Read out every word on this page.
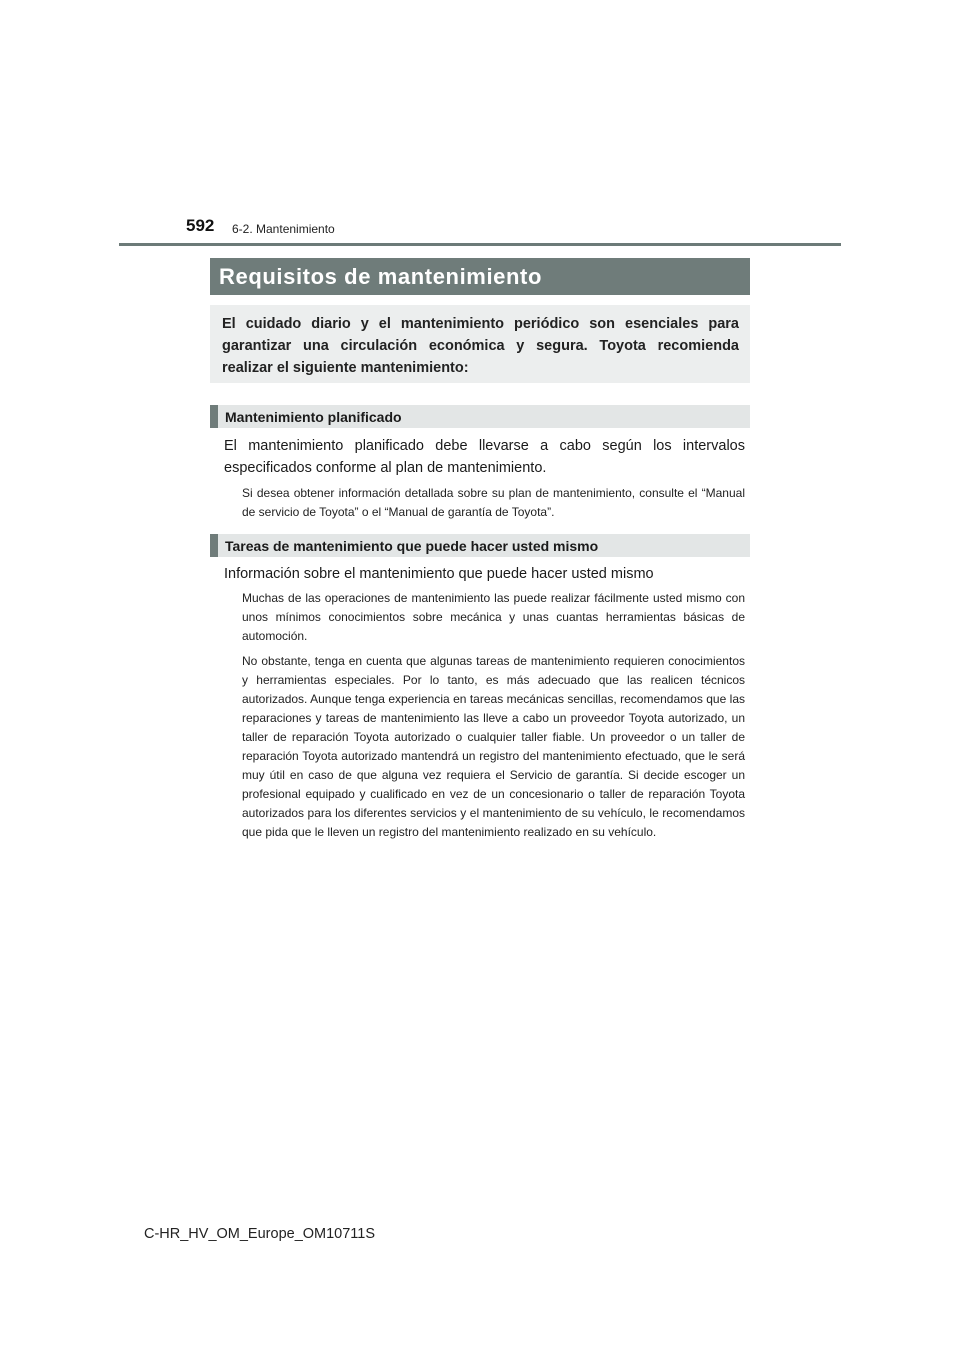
592 6-2. Mantenimiento
Requisitos de mantenimiento

El cuidado diario y el mantenimiento periódico son esenciales para garantizar una circulación económica y segura. Toyota recomienda realizar el siguiente mantenimiento:

Mantenimiento planificado

El mantenimiento planificado debe llevarse a cabo según los intervalos especificados conforme al plan de mantenimiento.

Si desea obtener información detallada sobre su plan de mantenimiento, consulte el “Manual de servicio de Toyota” o el “Manual de garantía de Toyota”.

Tareas de mantenimiento que puede hacer usted mismo

Información sobre el mantenimiento que puede hacer usted mismo

Muchas de las operaciones de mantenimiento las puede realizar fácilmente usted mismo con unos mínimos conocimientos sobre mecánica y unas cuantas herramientas básicas de automoción.

No obstante, tenga en cuenta que algunas tareas de mantenimiento requieren conocimientos y herramientas especiales. Por lo tanto, es más adecuado que las realicen técnicos autorizados. Aunque tenga experiencia en tareas mecánicas sencillas, recomendamos que las reparaciones y tareas de mantenimiento las lleve a cabo un proveedor Toyota autorizado, un taller de reparación Toyota autorizado o cualquier taller fiable. Un proveedor o un taller de reparación Toyota autorizado mantendrá un registro del mantenimiento efectuado, que le será muy útil en caso de que alguna vez requiera el Servicio de garantía. Si decide escoger un profesional equipado y cualificado en vez de un concesionario o taller de reparación Toyota autorizados para los diferentes servicios y el mantenimiento de su vehículo, le recomendamos que pida que le lleven un registro del mantenimiento realizado en su vehículo.

C-HR_HV_OM_Europe_OM10711S
